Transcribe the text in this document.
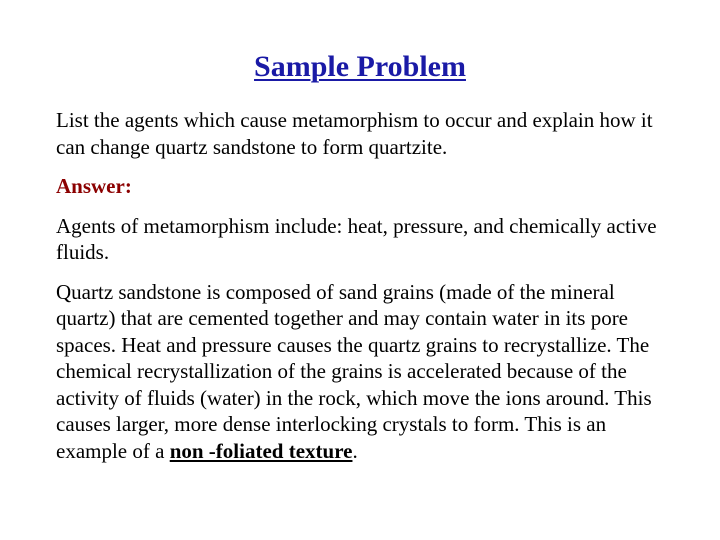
Sample Problem

List the agents which cause metamorphism to occur and explain how it can change quartz sandstone to form quartzite.

Answer:

Agents of metamorphism include: heat, pressure, and chemically active fluids.

Quartz sandstone is composed of sand grains (made of the mineral quartz) that are cemented together and may contain water in its pore spaces. Heat and pressure causes the quartz grains to recrystallize. The chemical recrystallization of the grains is accelerated because of the activity of fluids (water) in the rock, which move the ions around. This causes larger, more dense interlocking crystals to form. This is an example of a non -foliated texture.
